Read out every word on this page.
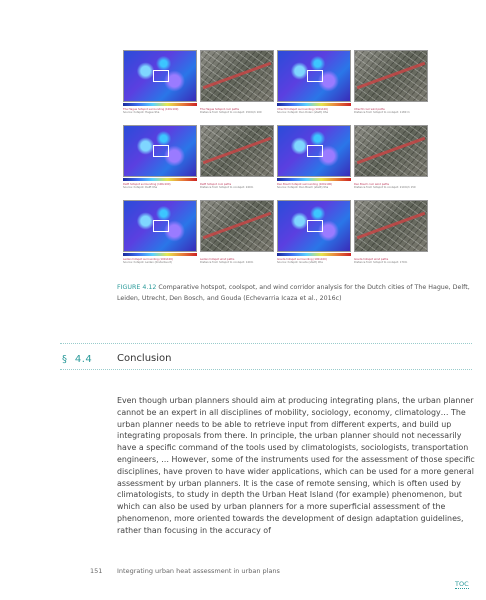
The Hague hotspot surrounding (100x100)
Source: hotspot: Hague 9ha
The Hague hotspot cool paths
Distance from hotspot to coolspot: 150m/h 100
Utrecht hotspot surrounding (100x100)
Source: hotspot: Den Dolen (stadt) 9ha
Utrecht cool wind paths
Distance from hotspot to coolspot: 1180 m
Delft hotspot surrounding (100x100)
Source: hotspot: Delft 9ha
Delft hotspot cool paths
Distance from hotspot to coolspot: 240m
Den Bosch hotspot surrounding (100x100)
Source: hotspot: Den Bosch (stadt) 9ha
Den Bosch cool wind paths
Distance from hotspot to coolspot: 210m/h 150
Leiden hotspot surrounding (100x100)
Source: hotspot: Leiden (Kinderbuurt)
Leiden hotspot wind paths
Distance from hotspot to coolspot: 140m
Gouda hotspot surrounding (100x100)
Source: hotspot: Gouda (stadt) 9ha
Gouda hotspot wind paths
Distance from hotspot to coolspot: 170m
FIGURE 4.12 Comparative hotspot, coolspot, and wind corridor analysis for the Dutch cities of The Hague, Delft, Leiden, Utrecht, Den Bosch, and Gouda (Echevarria Icaza et al., 2016c)
§ 4.4 Conclusion

Even though urban planners should aim at producing integrating plans, the urban planner cannot be an expert in all disciplines of mobility, sociology, economy, climatology… The urban planner needs to be able to retrieve input from different experts, and build up integrating proposals from there. In principle, the urban planner should not necessarily have a specific command of the tools used by climatologists, sociologists, transportation engineers, … However, some of the instruments used for the assessment of those specific disciplines, have proven to have wider applications, which can be used for a more general assessment by urban planners. It is the case of remote sensing, which is often used by climatologists, to study in depth the Urban Heat Island (for example) phenomenon, but which can also be used by urban planners for a more superficial assessment of the phenomenon, more oriented towards the development of design adaptation guidelines, rather than focusing in the accuracy of

151 Integrating urban heat assessment in urban plans
TOC
